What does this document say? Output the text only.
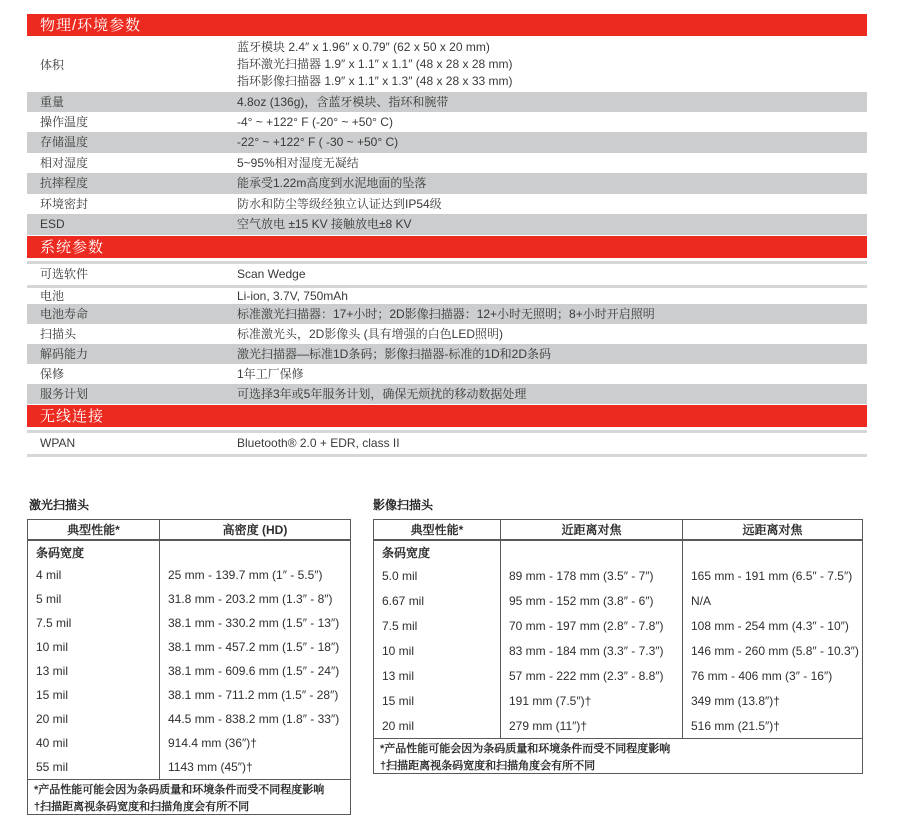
物理/环境参数
体积
蓝牙模块 2.4″ x 1.96″ x 0.79″ (62 x 50 x 20 mm)
指环激光扫描器 1.9″ x 1.1″ x 1.1″ (48 x 28 x 28 mm)
指环影像扫描器 1.9″ x 1.1″ x 1.3″ (48 x 28 x 33 mm)
重量	4.8oz (136g)，含蓝牙模块、指环和腕带
操作温度	-4° ~ +122° F (-20° ~ +50° C)
存储温度	-22° ~ +122° F ( -30 ~ +50° C)
相对湿度	5~95%相对湿度无凝结
抗摔程度	能承受1.22m高度到水泥地面的坠落
环境密封	防水和防尘等级经独立认证达到IP54级
ESD	空气放电 ±15 KV 接触放电±8 KV
系统参数
可选软件	Scan Wedge
电池	Li-ion, 3.7V, 750mAh
电池寿命	标准激光扫描器：17+小时；2D影像扫描器：12+小时无照明；8+小时开启照明
扫描头	标准激光头，2D影像头 (具有增强的白色LED照明)
解码能力	激光扫描器—标准1D条码；影像扫描器-标准的1D和2D条码
保修	1年工厂保修
服务计划	可选择3年或5年服务计划，确保无烦扰的移动数据处理
无线连接
WPAN	Bluetooth® 2.0 + EDR, class II
激光扫描头
典型性能*	高密度 (HD)
条码宽度	
4 mil	25 mm - 139.7 mm (1″ - 5.5″)
5 mil	31.8 mm - 203.2 mm (1.3″ - 8″)
7.5 mil	38.1 mm - 330.2 mm (1.5″ - 13″)
10 mil	38.1 mm - 457.2 mm (1.5″ - 18″)
13 mil	38.1 mm - 609.6 mm (1.5″ - 24″)
15 mil	38.1 mm - 711.2 mm (1.5″ - 28″)
20 mil	44.5 mm - 838.2 mm (1.8″ - 33″)
40 mil	914.4 mm (36″)†
55 mil	1143 mm (45″)†
*产品性能可能会因为条码质量和环境条件而受不同程度影响	
†扫描距离视条码宽度和扫描角度会有所不同	
影像扫描头
典型性能*	近距离对焦	远距离对焦
条码宽度		
5.0 mil	89 mm - 178 mm (3.5″ - 7″)	165 mm - 191 mm (6.5″ - 7.5″)
6.67 mil	95 mm - 152 mm (3.8″ - 6″)	N/A
7.5 mil	70 mm - 197 mm (2.8″ - 7.8″)	108 mm - 254 mm (4.3″ - 10″)
10 mil	83 mm - 184 mm (3.3″ - 7.3″)	146 mm - 260 mm (5.8″ - 10.3″)
13 mil	57 mm - 222 mm (2.3″ - 8.8″)	76 mm - 406 mm (3″ - 16″)
15 mil	191 mm (7.5″)†	349 mm (13.8″)†
20 mil	279 mm (11″)†	516 mm (21.5″)†
*产品性能可能会因为条码质量和环境条件而受不同程度影响		
†扫描距离视条码宽度和扫描角度会有所不同		
